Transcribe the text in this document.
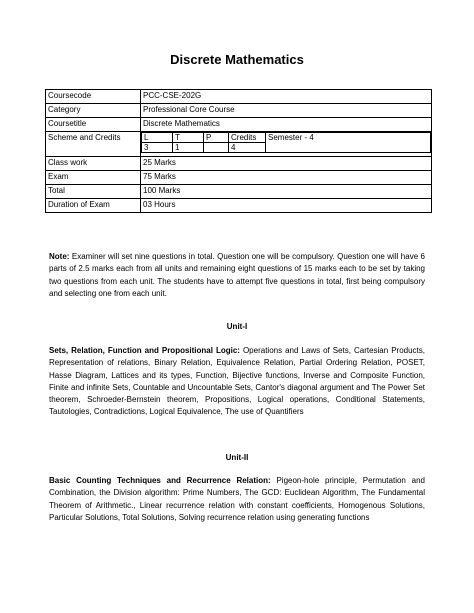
Discrete Mathematics
Coursecode	PCC-CSE-202G
Category	Professional Core Course
Coursetitle	Discrete Mathematics
Scheme and Credits		L	T	P	Credits	Semester - 4
3	1		4	

Class work	25 Marks
Exam	75 Marks
Total	100 Marks
Duration of Exam	03 Hours
Note: Examiner will set nine questions in total. Question one will be compulsory. Question one will have 6 parts of 2.5 marks each from all units and remaining eight questions of 15 marks each to be set by taking two questions from each unit. The students have to attempt five questions in total, first being compulsory and selecting one from each unit.
Unit-I
Sets, Relation, Function and Propositional Logic: Operations and Laws of Sets, Cartesian Products, Representation of relations, Binary Relation, Equivalence Relation, Partial Ordering Relation, POSET, Hasse Diagram, Lattices and its types, Function, Bijective functions, Inverse and Composite Function, Finite and infinite Sets, Countable and Uncountable Sets, Cantor's diagonal argument and The Power Set theorem, Schroeder-Bernstein theorem, Propositions, Logical operations, Conditional Statements, Tautologies, Contradictions, Logical Equivalence, The use of Quantifiers
Unit-II
Basic Counting Techniques and Recurrence Relation: Pigeon-hole principle, Permutation and Combination, the Division algorithm: Prime Numbers, The GCD: Euclidean Algorithm, The Fundamental Theorem of Arithmetic., Linear recurrence relation with constant coefficients, Homogenous Solutions, Particular Solutions, Total Solutions, Solving recurrence relation using generating functions
